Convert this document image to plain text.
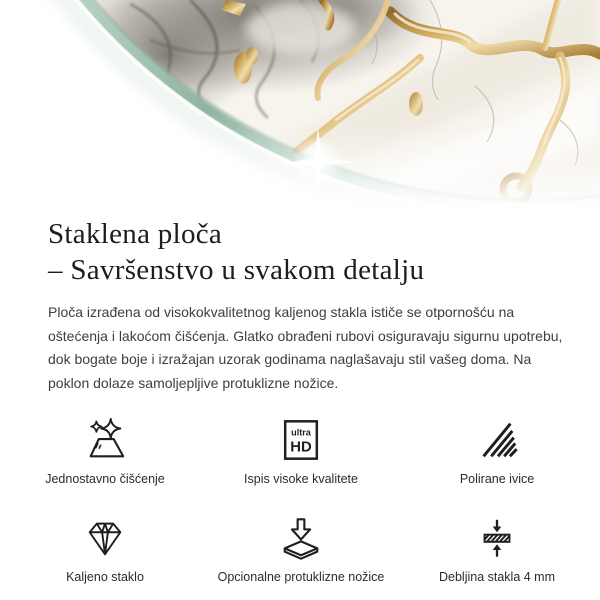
Staklena ploča
– Savršenstvo u svakom detalju

Ploča izrađena od visokokvalitetnog kaljenog stakla ističe se otpornošću na oštećenja i lakoćom čišćenja. Glatko obrađeni rubovi osiguravaju sigurnu upotrebu, dok bogate boje i izražajan uzorak godinama naglašavaju stil vašeg doma. Na poklon dolaze samoljepljive protuklizne nožice.

Jednostavno čišćenje
ultra
HD
Ispis visoke kvalitete	Polirane ivice
Kaljeno staklo	Opcionalne protuklizne nožice	Debljina stakla 4 mm
